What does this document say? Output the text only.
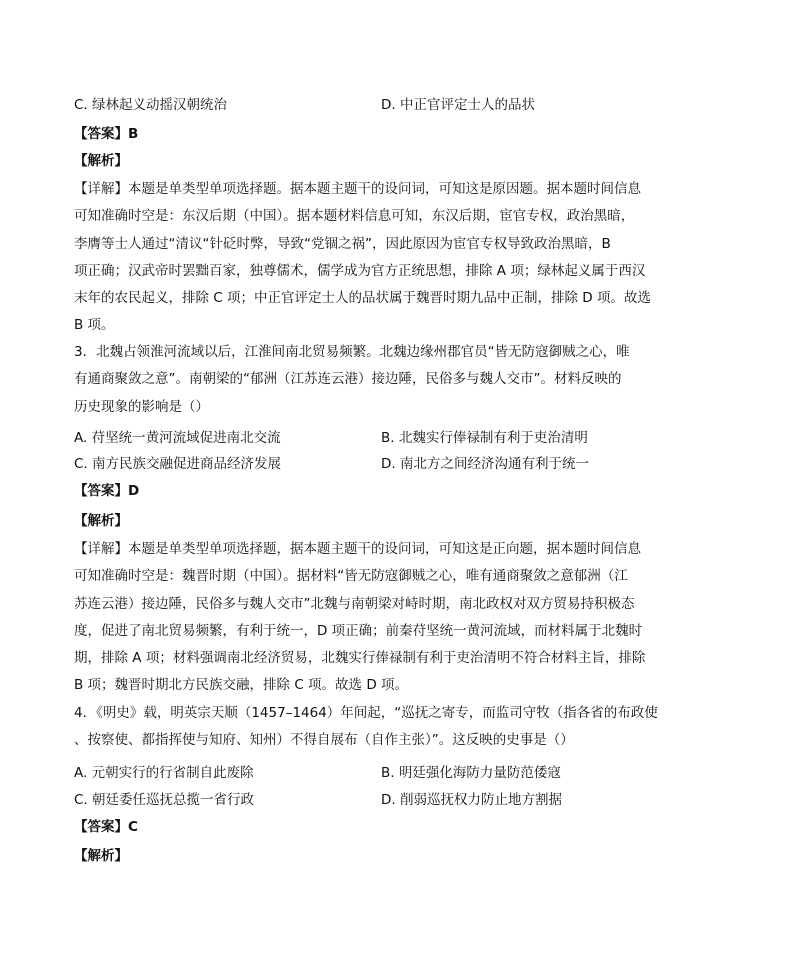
C. 绿林起义动摇汉朝统治	D. 中正官评定士人的品状
【答案】B
【解析】
【详解】本题是单类型单项选择题。据本题主题干的设问词，可知这是原因题。据本题时间信息
可知准确时空是：东汉后期（中国）。据本题材料信息可知，东汉后期，宦官专权，政治黑暗，
李膺等士人通过“清议“针砭时弊，导致“党锢之祸”，因此原因为宦官专权导致政治黑暗，B
项正确；汉武帝时罢黜百家，独尊儒术，儒学成为官方正统思想，排除 A 项；绿林起义属于西汉
末年的农民起义，排除 C 项；中正官评定士人的品状属于魏晋时期九品中正制，排除 D 项。故选
B 项。
3．北魏占领淮河流域以后，江淮间南北贸易频繁。北魏边缘州郡官员“皆无防寇御贼之心，唯
有通商聚敛之意”。南朝梁的“郁洲（江苏连云港）接边陲，民俗多与魏人交市”。材料反映的
历史现象的影响是（）
A. 苻坚统一黄河流域促进南北交流	B. 北魏实行俸禄制有利于吏治清明
C. 南方民族交融促进商品经济发展	D. 南北方之间经济沟通有利于统一
【答案】D
【解析】
【详解】本题是单类型单项选择题，据本题主题干的设问词，可知这是正向题，据本题时间信息
可知准确时空是：魏晋时期（中国）。据材料“皆无防寇御贼之心，唯有通商聚敛之意郁洲（江
苏连云港）接边陲，民俗多与魏人交市”北魏与南朝梁对峙时期，南北政权对双方贸易持积极态
度，促进了南北贸易频繁，有利于统一，D 项正确；前秦苻坚统一黄河流域，而材料属于北魏时
期，排除 A 项；材料强调南北经济贸易，北魏实行俸禄制有利于吏治清明不符合材料主旨，排除
B 项；魏晋时期北方民族交融，排除 C 项。故选 D 项。
4．《明史》载，明英宗天顺（1457–1464）年间起，“巡抚之寄专，而监司守牧（指各省的布政使
、按察使、都指挥使与知府、知州）不得自展布（自作主张）”。这反映的史事是（）
A. 元朝实行的行省制自此废除	B. 明廷强化海防力量防范倭寇
C. 朝廷委任巡抚总揽一省行政	D. 削弱巡抚权力防止地方割据
【答案】C
【解析】
